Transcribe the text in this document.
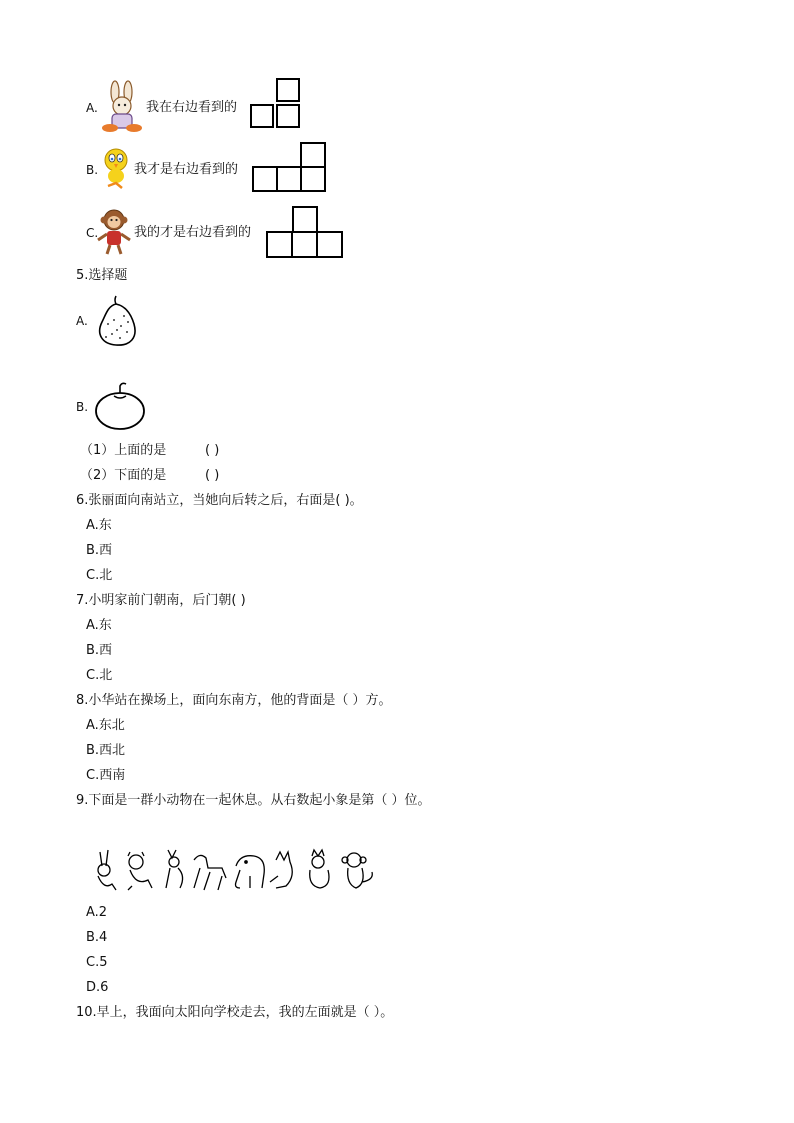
A.	我在右边看到的
B.	我才是右边看到的
C.	我的才是右边看到的
5.选择题
A.
B.
（1）上面的是	( )
（2）下面的是	( )
6.张丽面向南站立，当她向后转之后，右面是( )。
A.东
B.西
C.北
7.小明家前门朝南，后门朝( )
A.东
B.西
C.北
8.小华站在操场上，面向东南方，他的背面是（ ）方。
A.东北
B.西北
C.西南
9.下面是一群小动物在一起休息。从右数起小象是第（ ）位。
A.2
B.4
C.5
D.6
10.早上，我面向太阳向学校走去，我的左面就是（ ）。
